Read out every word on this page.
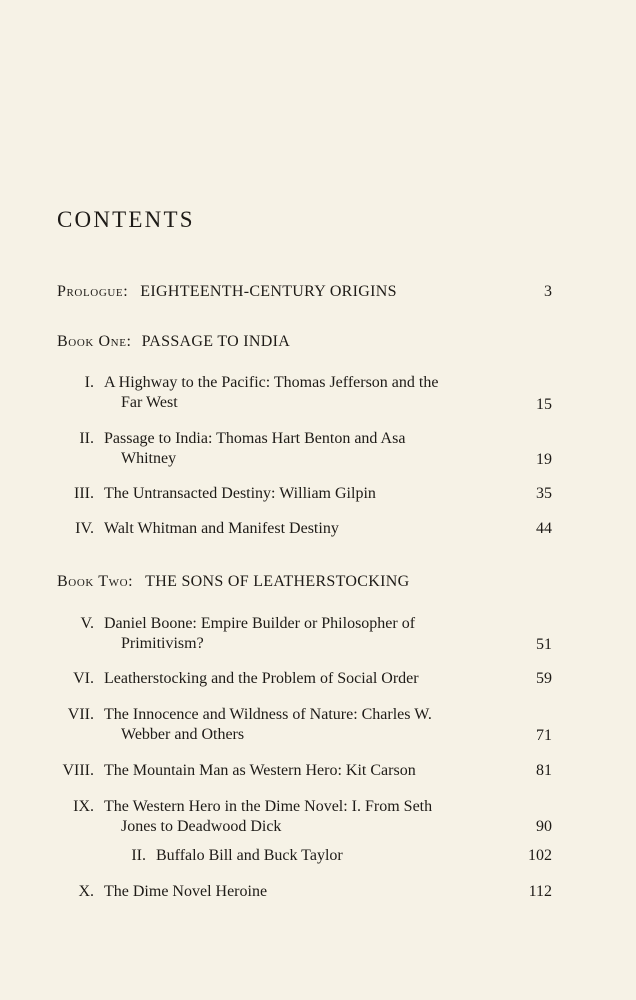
CONTENTS
Prologue: EIGHTEENTH-CENTURY ORIGINS	3
Book One: PASSAGE TO INDIA
I. A Highway to the Pacific: Thomas Jefferson and the
Far West	15
II. Passage to India: Thomas Hart Benton and Asa
Whitney	19
III. The Untransacted Destiny: William Gilpin	35
IV. Walt Whitman and Manifest Destiny	44
Book Two: THE SONS OF LEATHERSTOCKING
V. Daniel Boone: Empire Builder or Philosopher of
Primitivism?	51
VI. Leatherstocking and the Problem of Social Order	59
VII. The Innocence and Wildness of Nature: Charles W.
Webber and Others	71
VIII. The Mountain Man as Western Hero: Kit Carson	81
IX. The Western Hero in the Dime Novel: I. From Seth
Jones to Deadwood Dick	90
II. Buffalo Bill and Buck Taylor	102
X. The Dime Novel Heroine	112
